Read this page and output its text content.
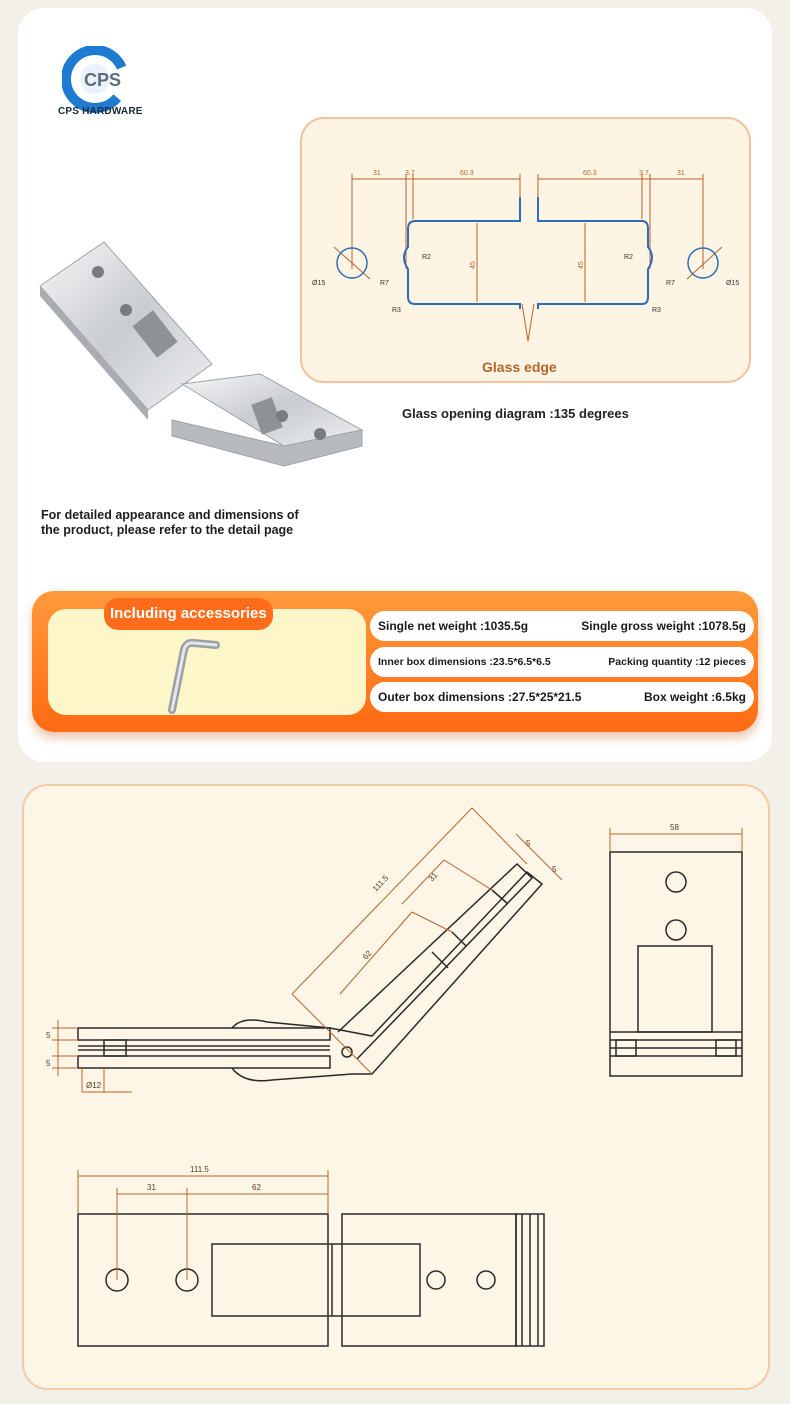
CPS
CPS HARDWARE
31	3.7	60.3	60.3	3.7	31
45	45
R2
R7
R3
Ø15
R2
R7
R3
Ø15
Glass edge
Glass opening diagram :135 degrees
For detailed appearance and dimensions of
the product, please refer to the detail page
Including accessories
Single net weight :1035.5g	Single gross weight :1078.5g
Inner box dimensions :23.5*6.5*6.5	Packing quantity :12 pieces
Outer box dimensions :27.5*25*21.5	Box weight :6.5kg
5
5
Ø12
111.5	31
62
5
5
58
111.5
31	62
